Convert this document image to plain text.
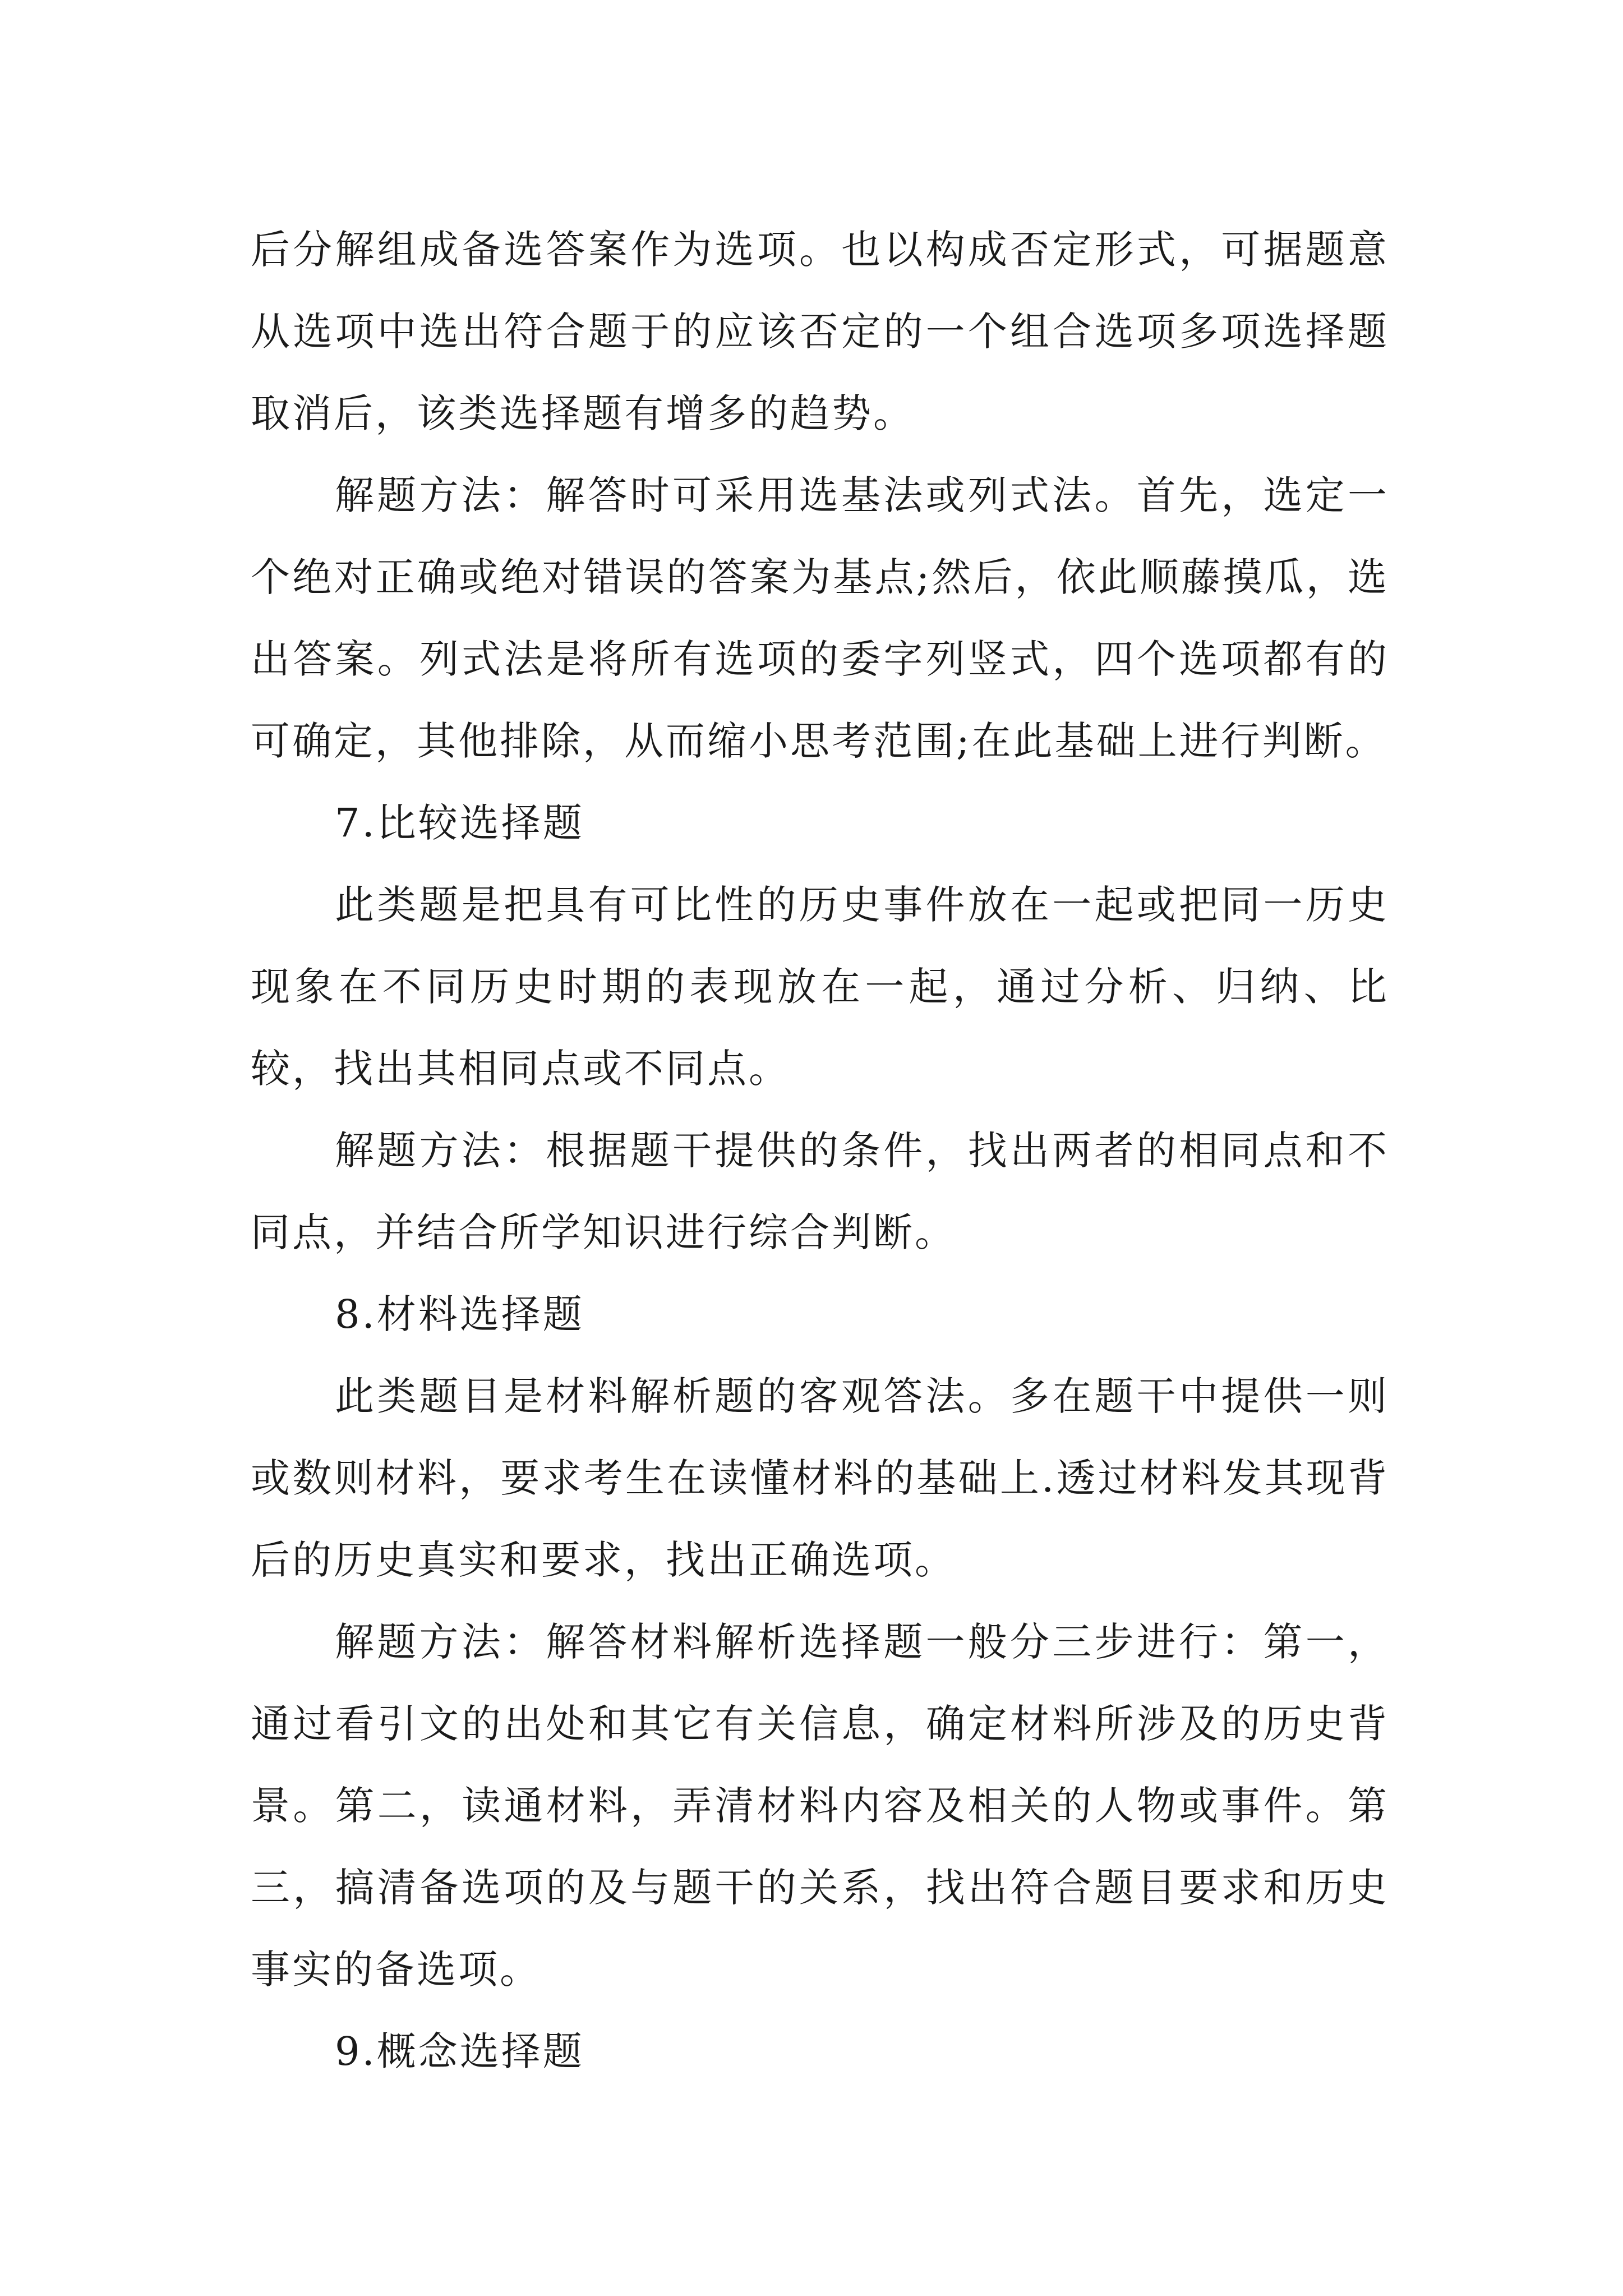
后分解组成备选答案作为选项。也以构成否定形式，可据题意从选项中选出符合题于的应该否定的一个组合选项多项选择题取消后，该类选择题有增多的趋势。

解题方法：解答时可采用选基法或列式法。首先，选定一个绝对正确或绝对错误的答案为基点;然后，依此顺藤摸瓜，选出答案。列式法是将所有选项的委字列竖式，四个选项都有的可确定，其他排除，从而缩小思考范围;在此基础上进行判断。

7.比较选择题

此类题是把具有可比性的历史事件放在一起或把同一历史现象在不同历史时期的表现放在一起，通过分析、归纳、比较，找出其相同点或不同点。

解题方法：根据题干提供的条件，找出两者的相同点和不同点，并结合所学知识进行综合判断。

8.材料选择题

此类题目是材料解析题的客观答法。多在题干中提供一则或数则材料，要求考生在读懂材料的基础上.透过材料发其现背后的历史真实和要求，找出正确选项。

解题方法：解答材料解析选择题一般分三步进行：第一，通过看引文的出处和其它有关信息，确定材料所涉及的历史背景。第二，读通材料，弄清材料内容及相关的人物或事件。第三，搞清备选项的及与题干的关系，找出符合题目要求和历史事实的备选项。

9.概念选择题
